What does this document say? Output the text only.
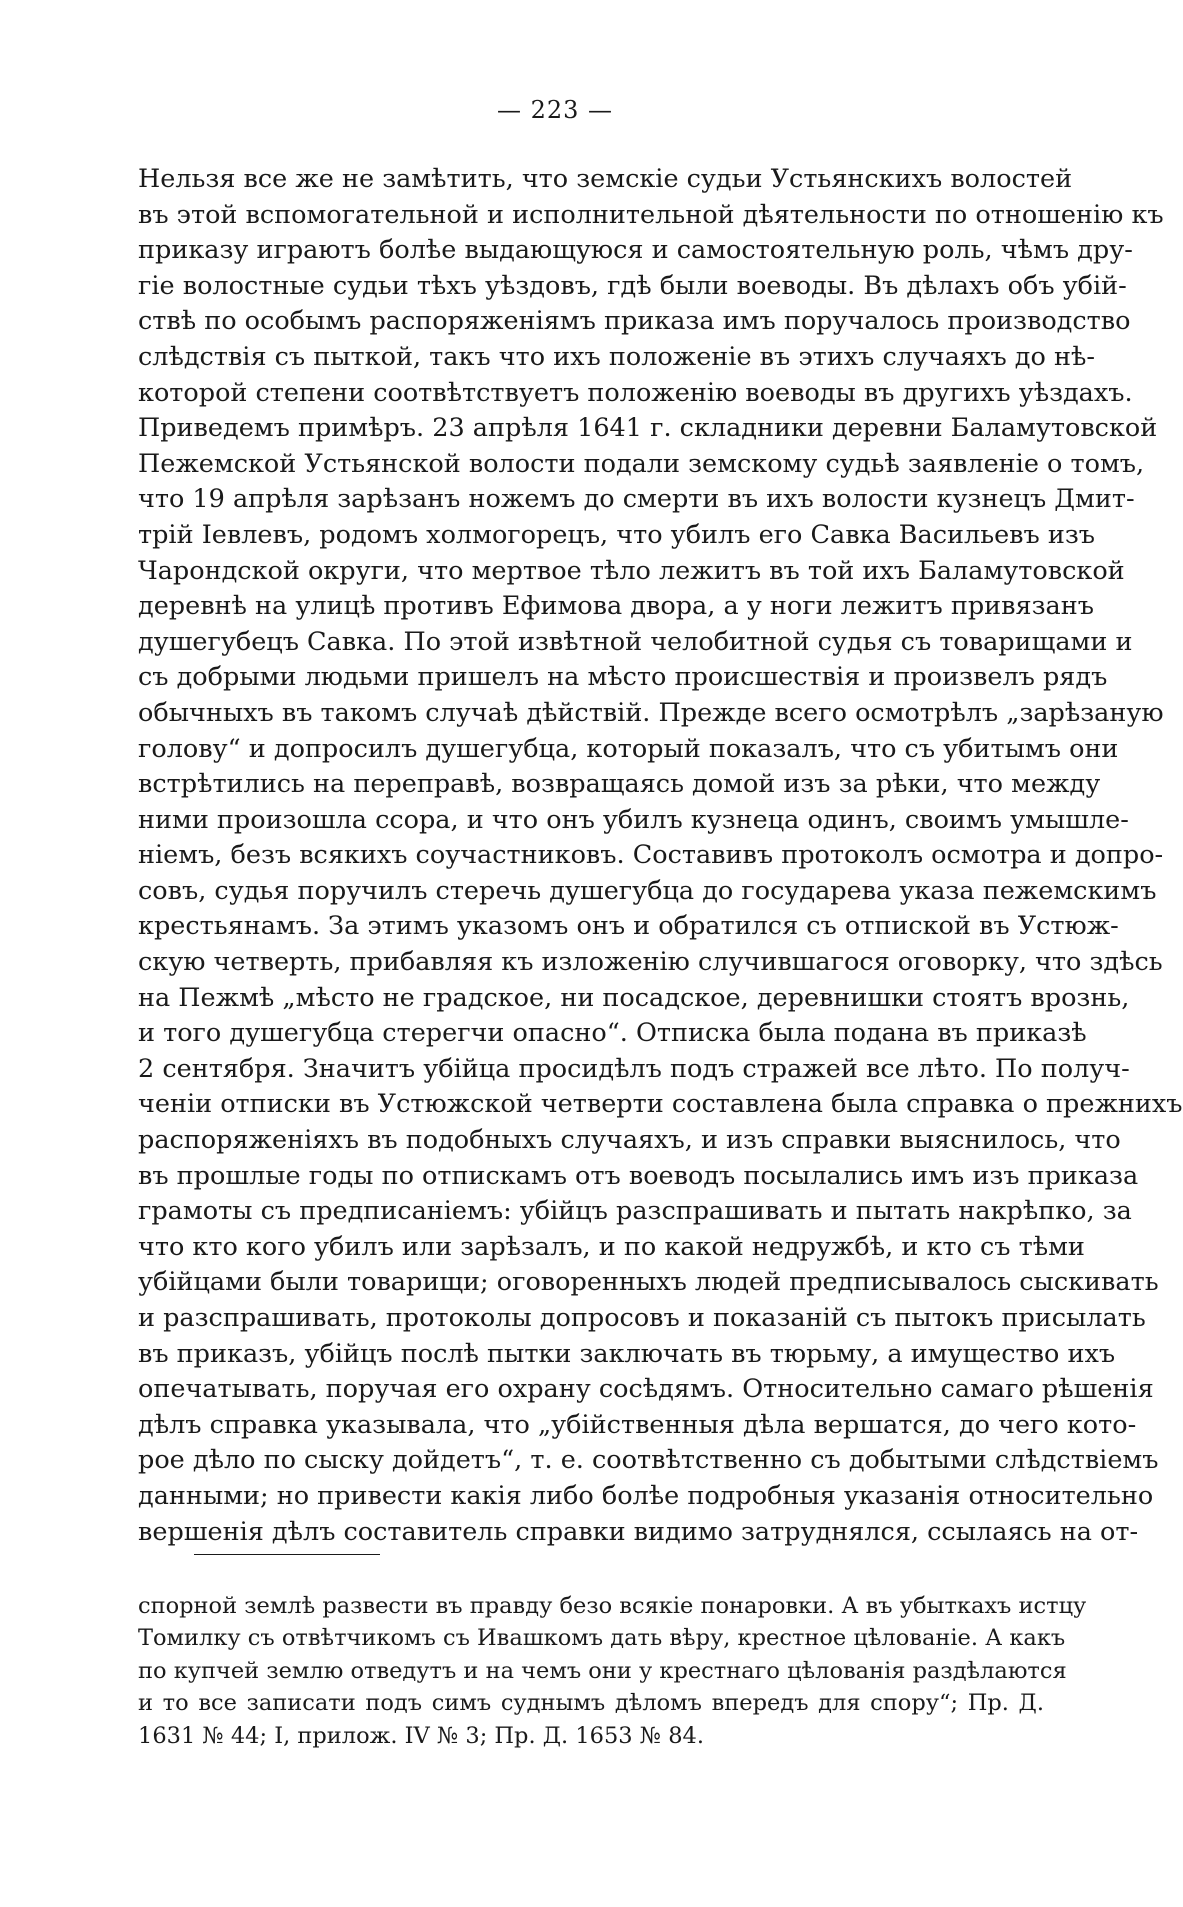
— 223 —
Нельзя все же не замѣтить, что земскіе судьи Устьянскихъ волостей
въ этой вспомогательной и исполнительной дѣятельности по отношенію къ
приказу играютъ болѣе выдающуюся и самостоятельную роль, чѣмъ дру-
гіе волостные судьи тѣхъ уѣздовъ, гдѣ были воеводы. Въ дѣлахъ объ убій-
ствѣ по особымъ распоряженіямъ приказа имъ поручалось производство
слѣдствія съ пыткой, такъ что ихъ положеніе въ этихъ случаяхъ до нѣ-
которой степени соотвѣтствуетъ положенію воеводы въ другихъ уѣздахъ.
Приведемъ примѣръ. 23 апрѣля 1641 г. складники деревни Баламутовской
Пежемской Устьянской волости подали земскому судьѣ заявленіе о томъ,
что 19 апрѣля зарѣзанъ ножемъ до смерти въ ихъ волости кузнецъ Дмит-
трій Іевлевъ, родомъ холмогорецъ, что убилъ его Савка Васильевъ изъ
Чарондской округи, что мертвое тѣло лежитъ въ той ихъ Баламутовской
деревнѣ на улицѣ противъ Ефимова двора, а у ноги лежитъ привязанъ
душегубецъ Савка. По этой извѣтной челобитной судья съ товарищами и
съ добрыми людьми пришелъ на мѣсто происшествія и произвелъ рядъ
обычныхъ въ такомъ случаѣ дѣйствій. Прежде всего осмотрѣлъ „зарѣзаную
голову“ и допросилъ душегубца, который показалъ, что съ убитымъ они
встрѣтились на переправѣ, возвращаясь домой изъ за рѣки, что между
ними произошла ссора, и что онъ убилъ кузнеца одинъ, своимъ умышле-
ніемъ, безъ всякихъ соучастниковъ. Составивъ протоколъ осмотра и допро-
совъ, судья поручилъ стеречь душегубца до государева указа пежемскимъ
крестьянамъ. За этимъ указомъ онъ и обратился съ отпиской въ Устюж-
скую четверть, прибавляя къ изложенію случившагося оговорку, что здѣсь
на Пежмѣ „мѣсто не градское, ни посадское, деревнишки стоятъ врознь,
и того душегубца стерегчи опасно“. Отписка была подана въ приказѣ
2 сентября. Значитъ убійца просидѣлъ подъ стражей все лѣто. По получ-
ченіи отписки въ Устюжской четверти составлена была справка о прежнихъ
распоряженіяхъ въ подобныхъ случаяхъ, и изъ справки выяснилось, что
въ прошлые годы по отпискамъ отъ воеводъ посылались имъ изъ приказа
грамоты съ предписаніемъ: убійцъ разспрашивать и пытать накрѣпко, за
что кто кого убилъ или зарѣзалъ, и по какой недружбѣ, и кто съ тѣми
убійцами были товарищи; оговоренныхъ людей предписывалось сыскивать
и разспрашивать, протоколы допросовъ и показаній съ пытокъ присылать
въ приказъ, убійцъ послѣ пытки заключать въ тюрьму, а имущество ихъ
опечатывать, поручая его охрану сосѣдямъ. Относительно самаго рѣшенія
дѣлъ справка указывала, что „убійственныя дѣла вершатся, до чего кото-
рое дѣло по сыску дойдетъ“, т. е. соотвѣтственно съ добытыми слѣдствіемъ
данными; но привести какія либо болѣе подробныя указанія относительно
вершенія дѣлъ составитель справки видимо затруднялся, ссылаясь на от-
спорной землѣ развести въ правду безо всякіе понаровки. А въ убыткахъ истцу
Томилку съ отвѣтчикомъ съ Ивашкомъ дать вѣру, крестное цѣлованіе. А какъ
по купчей землю отведутъ и на чемъ они у крестнаго цѣлованія раздѣлаются
и то все записати подъ симъ суднымъ дѣломъ впередъ для спору“; Пр. Д.
1631 № 44; I, прилож. IV № 3; Пр. Д. 1653 № 84.
